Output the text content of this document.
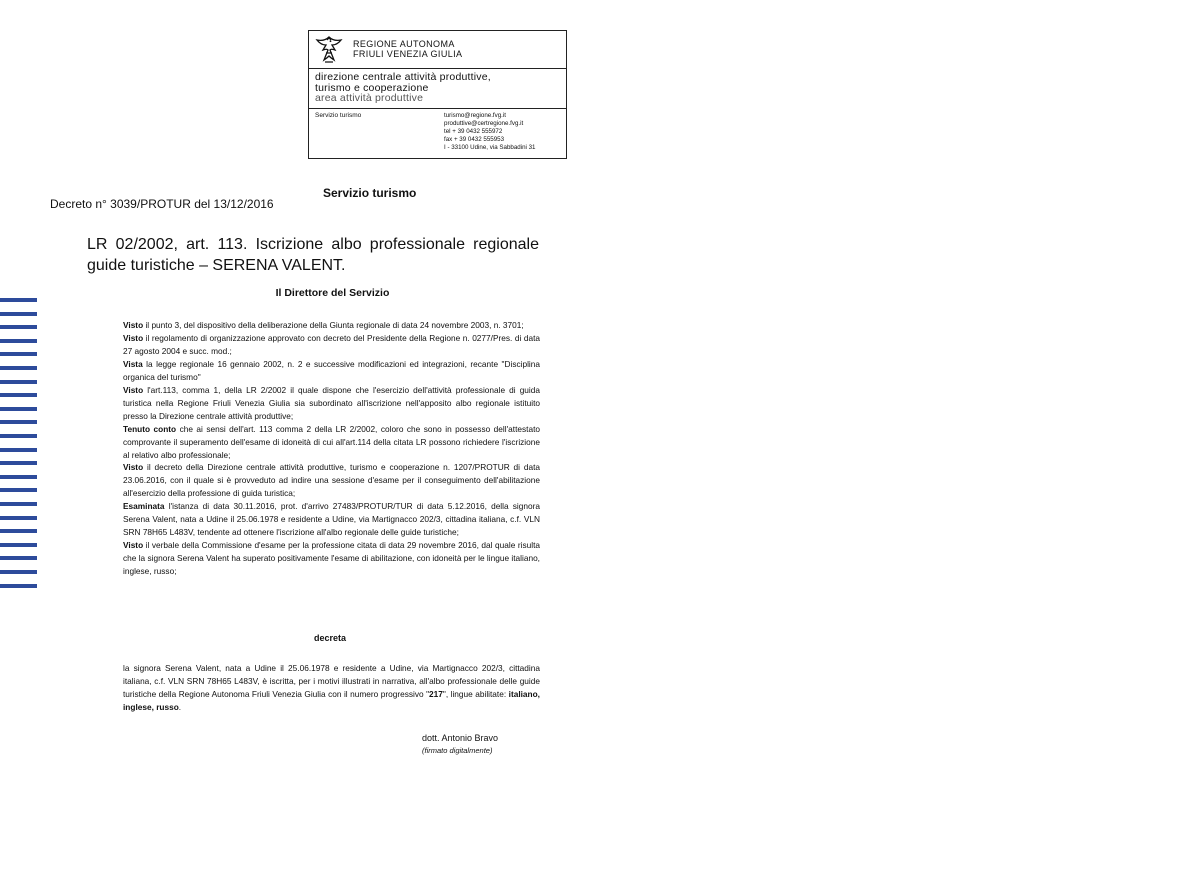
REGIONE AUTONOMA
FRIULI VENEZIA GIULIA
direzione centrale attività produttive,
turismo e cooperazione
area attività produttive
Servizio turismo	turismo@regione.fvg.it
produttive@certregione.fvg.it
tel + 39 0432 555972
fax + 39 0432 555953
I - 33100 Udine, via Sabbadini 31
Servizio turismo
Decreto n° 3039/PROTUR del 13/12/2016
LR 02/2002, art. 113. Iscrizione albo professionale regionale guide turistiche – SERENA VALENT.
Il Direttore del Servizio

Visto il punto 3, del dispositivo della deliberazione della Giunta regionale di data 24 novembre 2003, n. 3701;

Visto il regolamento di organizzazione approvato con decreto del Presidente della Regione n. 0277/Pres. di data 27 agosto 2004 e succ. mod.;

Vista la legge regionale 16 gennaio 2002, n. 2 e successive modificazioni ed integrazioni, recante "Disciplina organica del turismo"

Visto l'art.113, comma 1, della LR 2/2002 il quale dispone che l'esercizio dell'attività professionale di guida turistica nella Regione Friuli Venezia Giulia sia subordinato all'iscrizione nell'apposito albo regionale istituito presso la Direzione centrale attività produttive;

Tenuto conto che ai sensi dell'art. 113 comma 2 della LR 2/2002, coloro che sono in possesso dell'attestato comprovante il superamento dell'esame di idoneità di cui all'art.114 della citata LR possono richiedere l'iscrizione al relativo albo professionale;

Visto il decreto della Direzione centrale attività produttive, turismo e cooperazione n. 1207/PROTUR di data 23.06.2016, con il quale si è provveduto ad indire una sessione d'esame per il conseguimento dell'abilitazione all'esercizio della professione di guida turistica;

Esaminata l'istanza di data 30.11.2016, prot. d'arrivo 27483/PROTUR/TUR di data 5.12.2016, della signora Serena Valent, nata a Udine il 25.06.1978 e residente a Udine, via Martignacco 202/3, cittadina italiana, c.f. VLN SRN 78H65 L483V, tendente ad ottenere l'iscrizione all'albo regionale delle guide turistiche;

Visto il verbale della Commissione d'esame per la professione citata di data 29 novembre 2016, dal quale risulta che la signora Serena Valent ha superato positivamente l'esame di abilitazione, con idoneità per le lingue italiano, inglese, russo;

decreta
la signora Serena Valent, nata a Udine il 25.06.1978 e residente a Udine, via Martignacco 202/3, cittadina italiana, c.f. VLN SRN 78H65 L483V, è iscritta, per i motivi illustrati in narrativa, all'albo professionale delle guide turistiche della Regione Autonoma Friuli Venezia Giulia con il numero progressivo "217", lingue abilitate: italiano, inglese, russo.
dott. Antonio Bravo
(firmato digitalmente)
